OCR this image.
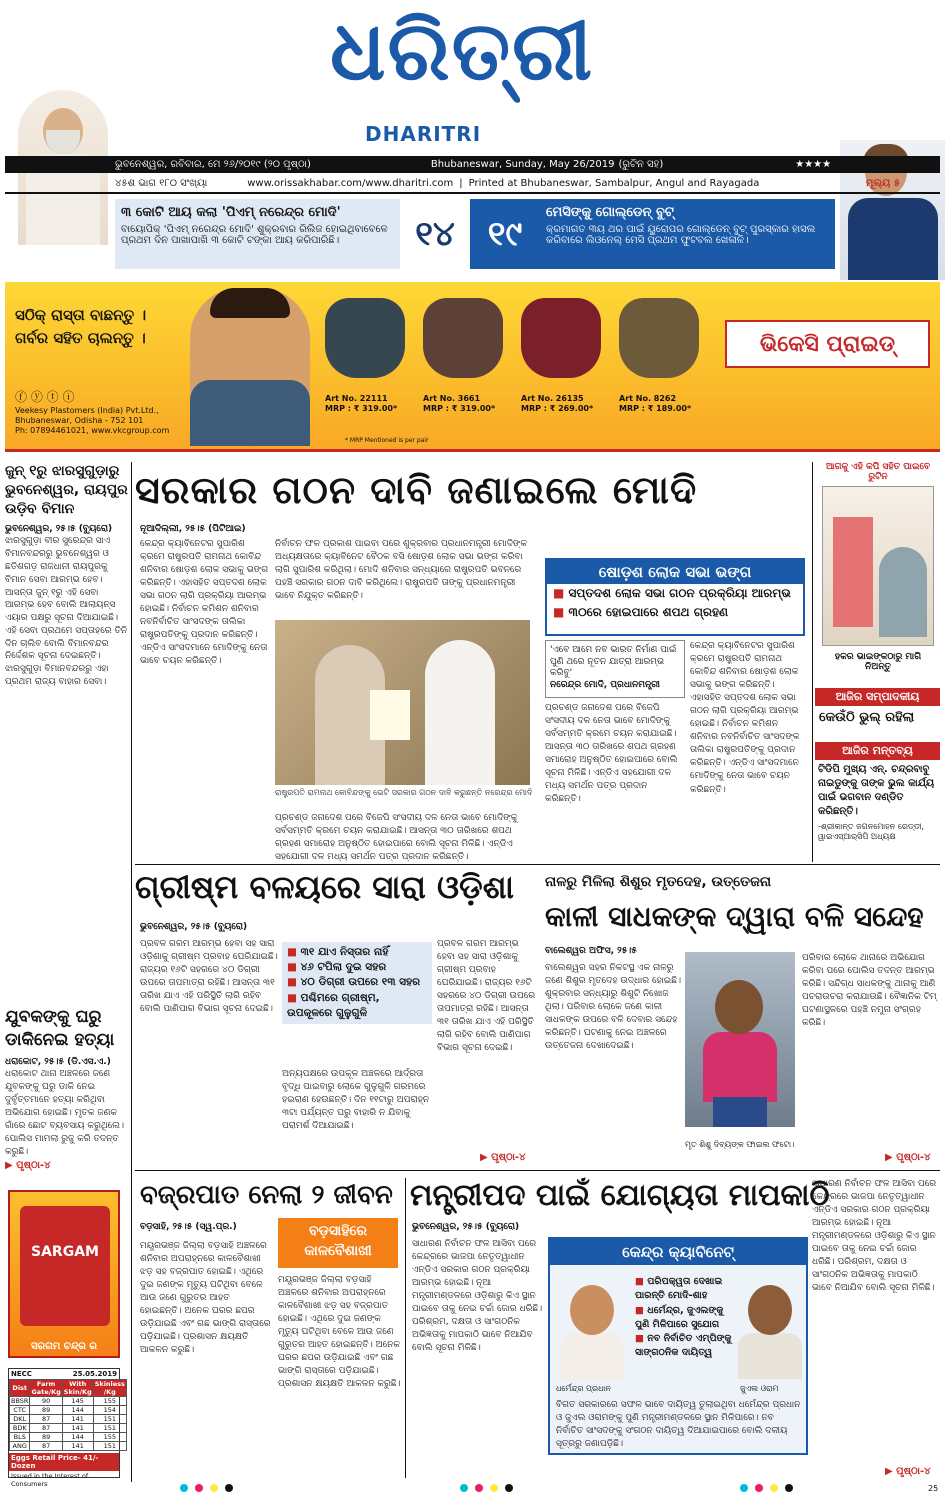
ଧରିତ୍ରୀ
DHARITRI
ଭୁବନେଶ୍ୱର, ରବିବାର, ମେ ୨୬/୨୦୧୯ (୨୦ ପୃଷ୍ଠା)	Bhubaneswar, Sunday, May 26/2019 (ରୁଟିନ ସହ)	★★★★
୪୫ଶ ଭାଗ ୧୮୦ ସଂଖ୍ୟା	www.orissakhabar.com/www.dharitri.com | Printed at Bhubaneswar, Sambalpur, Angul and Rayagada	ମୂଲ୍ୟ ୫
୩ କୋଟି ଆୟ କଲା 'ପିଏମ୍ ନରେନ୍ଦ୍ର ମୋଦି'
ବାୟୋପିକ୍ 'ପିଏମ୍ ନରେନ୍ଦ୍ର ମୋଦି' ଶୁକ୍ରବାର ରିଲିଜ ହୋଇଥିବାବେଳେ ପ୍ରଥମ ଦିନ ପାଖାପାଖି ୩ କୋଟି ଟଙ୍କା ଆୟ କରିପାରିଛି।	୧୪ ୧୯
ମେସିଙ୍କୁ ଗୋଲ୍‌ଡେନ୍ ବୁଟ୍
କ୍ରମାଗତ ୩ୟ ଥର ପାଇଁ ୟୁରୋପର ଗୋଲ୍‌ଡେନ୍ ବୁଟ୍ ପୁରସ୍କାର ହାସଲ କରିବାରେ ଲିଓନେଲ୍ ମେସି ପ୍ରଥମ ଫୁଟବଲ ଖେଳାଳି।
ସଠିକ୍ ରାସ୍ତା ବାଛନ୍ତୁ ।
ଗର୍ବର ସହିତ ଚାଲନ୍ତୁ ।
ⓕ ⓨ ⓣ ⓘ
Veekesy Plastomers (India) Pvt.Ltd., Bhubaneswar, Odisha - 752 101
Ph: 07894461021, www.vkcgroup.com
Art No. 22111
MRP : ₹ 319.00*
Art No. 3661
MRP : ₹ 319.00*
Art No. 26135
MRP : ₹ 269.00*
Art No. 8262
MRP : ₹ 189.00*
ଭିକେସି ପ୍ରାଇଡ୍
* MRP Mentioned is per pair
ଜୁନ୍ ୧ରୁ ଝାରସୁଗୁଡ଼ାରୁ ଭୁବନେଶ୍ୱର, ରାୟପୁର ଉଡ଼ିବ ବିମାନ
ଭୁବନେଶ୍ୱର, ୨୫।୫ (ବ୍ୟୁରୋ)
ଝାରସୁଗୁଡ଼ା ବୀର ସୁରେନ୍ଦ୍ର ସାଏ ବିମାନବନ୍ଦରରୁ ଭୁବନେଶ୍ୱର ଓ ଛତିଶଗଡ଼ ରାଜଧାନୀ ରାୟପୁରକୁ ବିମାନ ସେବା ଆରମ୍ଭ ହେବ। ଆସନ୍ତା ଜୁନ୍ ୧ରୁ ଏହି ସେବା ଆରମ୍ଭ ହେବ ବୋଲି ଆଲାୟନ୍ସ ଏୟାର ପକ୍ଷରୁ ସୂଚନା ଦିଆଯାଇଛି। ଏହି ସେବା ପ୍ରଥମେ ସପ୍ତାହରେ ତିନି ଦିନ ଚାଲିବ ବୋଲି ବିମାନବନ୍ଦର ନିର୍ଦ୍ଦେଶକ ସୂଚନା ଦେଇଛନ୍ତି। ଝାରସୁଗୁଡ଼ା ବିମାନବନ୍ଦରରୁ ଏହା ପ୍ରଥମ ରାଜ୍ୟ ବାହାର ସେବା।
ଯୁବକଙ୍କୁ ଘରୁ ଡାକିନେଇ ହତ୍ୟା
ଧରାକୋଟ, ୨୫।୫ (ଡି.ଏସ.ଏ.)
ଧରାକୋଟ ଥାନା ଅଞ୍ଚଳରେ ଜଣେ ଯୁବକଙ୍କୁ ଘରୁ ଡାକି ନେଇ ଦୁର୍ବୃତ୍ତମାନେ ହତ୍ୟା କରିଥିବା ଅଭିଯୋଗ ହୋଇଛି। ମୃତକ ଜଣକ ଗାଁରେ ଛୋଟ ବ୍ୟବସାୟ କରୁଥିଲେ। ପୋଲିସ ମାମଲା ରୁଜୁ କରି ତଦନ୍ତ କରୁଛି।
▶ ପୃଷ୍ଠା-୪
SARGAM
ସରଗମ ଚନ୍ଦ୍ର ର
NECC	25.05.2019
Dist	Farm Gate/Kg	With Skin/Kg	Skinless /Kg
BBSR	90	145	155
CTC	89	144	154
DKL	87	141	151
BDK	87	141	151
BLS	89	144	155
ANG	87	141	151
Eggs Retail Price- 41/-Dozen
Issued in the Interest of Consumers
ସରକାର ଗଠନ ଦାବି ଜଣାଇଲେ ମୋଦି
ନୂଆଦିଲ୍ଲୀ, ୨୫।୫ (ପିଟିଆଇ)
କେନ୍ଦ୍ର କ୍ୟାବିନେଟର ସୁପାରିଶ କ୍ରମେ ରାଷ୍ଟ୍ରପତି ରାମନାଥ କୋବିନ୍ଦ ଶନିବାର ଷୋଡ଼ଶ ଲୋକ ସଭାକୁ ଭଙ୍ଗ କରିଛନ୍ତି। ଏହାସହିତ ସପ୍ତଦଶ ଲୋକ ସଭା ଗଠନ ଲାଗି ପ୍ରକ୍ରିୟା ଆରମ୍ଭ ହୋଇଛି। ନିର୍ବାଚନ କମିଶନ ଶନିବାର ନବନିର୍ବାଚିତ ସାଂସଦଙ୍କ ତାଲିକା ରାଷ୍ଟ୍ରପତିଙ୍କୁ ପ୍ରଦାନ କରିଛନ୍ତି। ଏନ୍‌ଡିଏ ସାଂସଦମାନେ ମୋଦିଙ୍କୁ ନେତା ଭାବେ ଚୟନ କରିଛନ୍ତି।
ନିର୍ବାଚନ ଫଳ ପ୍ରକାଶ ପାଇବା ପରେ ଶୁକ୍ରବାର ପ୍ରଧାନମନ୍ତ୍ରୀ ମୋଦିଙ୍କ ଅଧ୍ୟକ୍ଷତାରେ କ୍ୟାବିନେଟ ବୈଠକ ବସି ଷୋଡ଼ଶ ଲୋକ ସଭା ଭଙ୍ଗ କରିବା ଲାଗି ସୁପାରିଶ କରିଥିଲା। ମୋଦି ଶନିବାର ସନ୍ଧ୍ୟାରେ ରାଷ୍ଟ୍ରପତି ଭବନରେ ପହଞ୍ଚି ସରକାର ଗଠନ ଦାବି କରିଥିଲେ। ରାଷ୍ଟ୍ରପତି ତାଙ୍କୁ ପ୍ରଧାନମନ୍ତ୍ରୀ ଭାବେ ନିଯୁକ୍ତ କରିଛନ୍ତି।
ରାଷ୍ଟ୍ରପତି ରାମନାଥ କୋବିନ୍ଦଙ୍କୁ ଭେଟି ସରକାର ଗଠନ ଦାବି କରୁଛନ୍ତି ନରେନ୍ଦ୍ର ମୋଦି
ପ୍ରଚଣ୍ଡ ଜନାଦେଶ ପରେ ବିଜେପି ସଂସଦୀୟ ଦଳ ନେତା ଭାବେ ମୋଦିଙ୍କୁ ସର୍ବସମ୍ମତି କ୍ରମେ ଚୟନ କରାଯାଇଛି। ଆସନ୍ତା ୩୦ ତାରିଖରେ ଶପଥ ଗ୍ରହଣ ସମାରୋହ ଅନୁଷ୍ଠିତ ହୋଇପାରେ ବୋଲି ସୂଚନା ମିଳିଛି। ଏନ୍‌ଡିଏ ସହଯୋଗୀ ଦଳ ମଧ୍ୟ ସମର୍ଥନ ପତ୍ର ପ୍ରଦାନ କରିଛନ୍ତି।
ଷୋଡ଼ଶ ଲୋକ ସଭା ଭଙ୍ଗ
■ ସପ୍ତଦଶ ଲୋକ ସଭା ଗଠନ ପ୍ରକ୍ରିୟା ଆରମ୍ଭ
■ ୩୦ରେ ହୋଇପାରେ ଶପଥ ଗ୍ରହଣ
'ଏବେ ଆମେ ନବ ଭାରତ ନିର୍ମାଣ ପାଇଁ ପୁଣି ଥରେ ନୂତନ ଯାତ୍ରା ଆରମ୍ଭ କରିବୁ'
ନରେନ୍ଦ୍ର ମୋଦି, ପ୍ରଧାନମନ୍ତ୍ରୀ
କେନ୍ଦ୍ର କ୍ୟାବିନେଟର ସୁପାରିଶ କ୍ରମେ ରାଷ୍ଟ୍ରପତି ରାମନାଥ କୋବିନ୍ଦ ଶନିବାର ଷୋଡ଼ଶ ଲୋକ ସଭାକୁ ଭଙ୍ଗ କରିଛନ୍ତି। ଏହାସହିତ ସପ୍ତଦଶ ଲୋକ ସଭା ଗଠନ ଲାଗି ପ୍ରକ୍ରିୟା ଆରମ୍ଭ ହୋଇଛି। ନିର୍ବାଚନ କମିଶନ ଶନିବାର ନବନିର୍ବାଚିତ ସାଂସଦଙ୍କ ତାଲିକା ରାଷ୍ଟ୍ରପତିଙ୍କୁ ପ୍ରଦାନ କରିଛନ୍ତି। ଏନ୍‌ଡିଏ ସାଂସଦମାନେ ମୋଦିଙ୍କୁ ନେତା ଭାବେ ଚୟନ କରିଛନ୍ତି।
ପ୍ରଚଣ୍ଡ ଜନାଦେଶ ପରେ ବିଜେପି ସଂସଦୀୟ ଦଳ ନେତା ଭାବେ ମୋଦିଙ୍କୁ ସର୍ବସମ୍ମତି କ୍ରମେ ଚୟନ କରାଯାଇଛି। ଆସନ୍ତା ୩୦ ତାରିଖରେ ଶପଥ ଗ୍ରହଣ ସମାରୋହ ଅନୁଷ୍ଠିତ ହୋଇପାରେ ବୋଲି ସୂଚନା ମିଳିଛି। ଏନ୍‌ଡିଏ ସହଯୋଗୀ ଦଳ ମଧ୍ୟ ସମର୍ଥନ ପତ୍ର ପ୍ରଦାନ କରିଛନ୍ତି।
ଆଗକୁ ଏହି କପି ସହିତ ପାଇବେ ରୁଟିନ
ହକର ଭାଇଙ୍କଠାରୁ ମାଗି ନିଅନ୍ତୁ
ଆଜିର ସମ୍ପାଦକୀୟ
କେଉଁଠି ଭୁଲ୍ ରହିଲା
ଆଜିର ମନ୍ତବ୍ୟ
ଟିଡିପି ମୁଖ୍ୟ ଏନ୍. ଚନ୍ଦ୍ରବାବୁ ନାଇଡୁଙ୍କୁ ତାଙ୍କ ଭୁଲ କାର୍ଯ୍ୟ ପାଇଁ ଭଗବାନ ଦଣ୍ଡିତ କରିଛନ୍ତି।
-ଶ୍ରୀକାନ୍ତ ଜଗନମୋହନ ରେଡ୍ଡୀ, ୱାଇଏସ୍‌ଆର୍‌ସିପି ଅଧ୍ୟକ୍ଷ
ଗ୍ରୀଷ୍ମ ବଳୟରେ ସାରା ଓଡ଼ିଶା
ଭୁବନେଶ୍ୱର, ୨୫।୫ (ବ୍ୟୁରୋ)
ପ୍ରବଳ ଗରମ ଆରମ୍ଭ ହେବା ସହ ସାରା ଓଡ଼ିଶାକୁ ଗ୍ରୀଷ୍ମ ପ୍ରବାହ ଘେରିଯାଇଛି। ରାଜ୍ୟର ୧୬ଟି ସହରରେ ୪୦ ଡିଗ୍ରୀ ଉପରେ ତାପମାତ୍ରା ରହିଛି। ଆସନ୍ତା ୩୧ ତାରିଖ ଯାଏ ଏହି ପରିସ୍ଥିତି ଲାଗି ରହିବ ବୋଲି ପାଣିପାଗ ବିଭାଗ ସୂଚନା ଦେଇଛି।
■ ୩୧ ଯାଏ ନିସ୍ତାର ନାହିଁ
■ ୪୬ ଟପିଲା ଦୁଇ ସହର
■ ୪୦ ଡିଗ୍ରୀ ଉପରେ ୧୩ ସହର
■ ପଶ୍ଚିମରେ ଗ୍ରୀଷ୍ମ, ଉପକୂଳରେ ଗୁଳୁଗୁଳି
ଅନ୍ୟପକ୍ଷରେ ଉପକୂଳ ଅଞ୍ଚଳରେ ଆର୍ଦ୍ରତା ବୃଦ୍ଧି ପାଇବାରୁ ଲୋକେ ଗୁଳୁଗୁଳି ଗରମରେ ହଇରାଣ ହେଉଛନ୍ତି। ଦିନ ୧୧ଟାରୁ ଅପରାହ୍ନ ୩ଟା ପର୍ଯ୍ୟନ୍ତ ଘରୁ ବାହାରି ନ ଯିବାକୁ ପରାମର୍ଶ ଦିଆଯାଇଛି।
ପ୍ରବଳ ଗରମ ଆରମ୍ଭ ହେବା ସହ ସାରା ଓଡ଼ିଶାକୁ ଗ୍ରୀଷ୍ମ ପ୍ରବାହ ଘେରିଯାଇଛି। ରାଜ୍ୟର ୧୬ଟି ସହରରେ ୪୦ ଡିଗ୍ରୀ ଉପରେ ତାପମାତ୍ରା ରହିଛି। ଆସନ୍ତା ୩୧ ତାରିଖ ଯାଏ ଏହି ପରିସ୍ଥିତି ଲାଗି ରହିବ ବୋଲି ପାଣିପାଗ ବିଭାଗ ସୂଚନା ଦେଇଛି।
▶ ପୃଷ୍ଠା-୪
ନାଳରୁ ମିଳିଲା ଶିଶୁର ମୃତଦେହ, ଉତ୍ତେଜନା
କାଳୀ ସାଧକଙ୍କ ଦ୍ୱାରା ବଳି ସନ୍ଦେହ
ବାଲେଶ୍ୱର ଅଫିସ, ୨୫।୫
ବାଲେଶ୍ୱର ସହର ନିକଟସ୍ଥ ଏକ ନାଳରୁ ଜଣେ ଶିଶୁର ମୃତଦେହ ଉଦ୍ଧାର ହୋଇଛି। ଶୁକ୍ରବାର ସନ୍ଧ୍ୟାରୁ ଶିଶୁଟି ନିଖୋଜ ଥିଲା। ପରିବାର ଲୋକେ ଜଣେ କାଳୀ ସାଧକଙ୍କ ଉପରେ ବଳି ଦେବାର ସନ୍ଦେହ କରିଛନ୍ତି। ଘଟଣାକୁ ନେଇ ଅଞ୍ଚଳରେ ଉତ୍ତେଜନା ଦେଖାଦେଇଛି।
ମୃତ ଶିଶୁ ଦିବ୍ୟଙ୍କ ଫାଇଲ ଫଟୋ।
ପରିବାର ଲୋକେ ଥାନାରେ ଅଭିଯୋଗ କରିବା ପରେ ପୋଲିସ ତଦନ୍ତ ଆରମ୍ଭ କରିଛି। ସନ୍ଦିଗ୍ଧ ସାଧକଙ୍କୁ ଥାନାକୁ ଆଣି ପଚରାଉଚରା କରାଯାଉଛି। ବୈଜ୍ଞାନିକ ଟିମ୍ ଘଟଣାସ୍ଥଳରେ ପହଞ୍ଚି ନମୁନା ସଂଗ୍ରହ କରିଛି।
▶ ପୃଷ୍ଠା-୪
ବଜ୍ରପାତ ନେଲା ୨ ଜୀବନ
ବଡ଼ସାହି, ୨୫।୫ (ସ୍ୱ.ପ୍ର.)	ବଡ଼ସାହିରେ କାଳବୈଶାଖୀ
ମୟୂରଭଞ୍ଜ ଜିଲ୍ଲା ବଡ଼ସାହି ଅଞ୍ଚଳରେ ଶନିବାର ଅପରାହ୍ନରେ କାଳବୈଶାଖୀ ଝଡ଼ ସହ ବଜ୍ରପାତ ହୋଇଛି। ଏଥିରେ ଦୁଇ ଜଣଙ୍କ ମୃତ୍ୟୁ ଘଟିଥିବା ବେଳେ ଆଉ ଜଣେ ଗୁରୁତର ଆହତ ହୋଇଛନ୍ତି। ଅନେକ ଘରର ଛପର ଉଡ଼ିଯାଇଛି ଏବଂ ଗଛ ଭାଙ୍ଗି ରାସ୍ତାରେ ପଡ଼ିଯାଇଛି। ପ୍ରଶାସନ କ୍ଷୟକ୍ଷତି ଆକଳନ କରୁଛି।
ମୟୂରଭଞ୍ଜ ଜିଲ୍ଲା ବଡ଼ସାହି ଅଞ୍ଚଳରେ ଶନିବାର ଅପରାହ୍ନରେ କାଳବୈଶାଖୀ ଝଡ଼ ସହ ବଜ୍ରପାତ ହୋଇଛି। ଏଥିରେ ଦୁଇ ଜଣଙ୍କ ମୃତ୍ୟୁ ଘଟିଥିବା ବେଳେ ଆଉ ଜଣେ ଗୁରୁତର ଆହତ ହୋଇଛନ୍ତି। ଅନେକ ଘରର ଛପର ଉଡ଼ିଯାଇଛି ଏବଂ ଗଛ ଭାଙ୍ଗି ରାସ୍ତାରେ ପଡ଼ିଯାଇଛି। ପ୍ରଶାସନ କ୍ଷୟକ୍ଷତି ଆକଳନ କରୁଛି।
ମନ୍ତ୍ରୀପଦ ପାଇଁ ଯୋଗ୍ୟତା ମାପକାଠି
ଭୁବନେଶ୍ୱର, ୨୫।୫ (ବ୍ୟୁରୋ)
ସାଧାରଣ ନିର୍ବାଚନ ଫଳ ଆସିବା ପରେ କେନ୍ଦ୍ରରେ ଭାଜପା ନେତୃତ୍ୱାଧୀନ ଏନ୍‌ଡିଏ ସରକାର ଗଠନ ପ୍ରକ୍ରିୟା ଆରମ୍ଭ ହୋଇଛି। ନୂଆ ମନ୍ତ୍ରୀମଣ୍ଡଳରେ ଓଡ଼ିଶାରୁ କିଏ ସ୍ଥାନ ପାଇବେ ତାକୁ ନେଇ ଚର୍ଚ୍ଚା ଜୋର ଧରିଛି। ପରିଶ୍ରମ, ଦକ୍ଷତା ଓ ସାଂଗଠନିକ ଅଭିଜ୍ଞତାକୁ ମାପକାଠି ଭାବେ ନିଆଯିବ ବୋଲି ସୂଚନା ମିଳିଛି।
କେନ୍ଦ୍ର କ୍ୟାବିନେଟ୍
■ ପରିପକ୍ୱତା ଦେଖାଇ ପାରନ୍ତି ମୋଦି-ଶାହ
■ ଧର୍ମେନ୍ଦ୍ର, ଜୁଏଲଙ୍କୁ ପୁଣି ମିଳିପାରେ ସୁଯୋଗ
■ ନବ ନିର୍ବାଚିତ ଏମ୍‌ପିଙ୍କୁ ସାଙ୍ଗଠନିକ ଦାୟିତ୍ୱ
ଧର୍ମେନ୍ଦ୍ର ପ୍ରଧାନ	ଜୁଏଲ ଓରାମ
ବିଗତ ସରକାରରେ ସଫଳ ଭାବେ ଦାୟିତ୍ୱ ତୁଲାଇଥିବା ଧର୍ମେନ୍ଦ୍ର ପ୍ରଧାନ ଓ ଜୁଏଲ ଓରାମଙ୍କୁ ପୁଣି ମନ୍ତ୍ରୀମଣ୍ଡଳରେ ସ୍ଥାନ ମିଳିପାରେ। ନବ ନିର୍ବାଚିତ ସାଂସଦଙ୍କୁ ସଂଗଠନ ଦାୟିତ୍ୱ ଦିଆଯାଇପାରେ ବୋଲି ଦଳୀୟ ସୂତ୍ରରୁ ଜଣାପଡ଼ିଛି।
ସାଧାରଣ ନିର୍ବାଚନ ଫଳ ଆସିବା ପରେ କେନ୍ଦ୍ରରେ ଭାଜପା ନେତୃତ୍ୱାଧୀନ ଏନ୍‌ଡିଏ ସରକାର ଗଠନ ପ୍ରକ୍ରିୟା ଆରମ୍ଭ ହୋଇଛି। ନୂଆ ମନ୍ତ୍ରୀମଣ୍ଡଳରେ ଓଡ଼ିଶାରୁ କିଏ ସ୍ଥାନ ପାଇବେ ତାକୁ ନେଇ ଚର୍ଚ୍ଚା ଜୋର ଧରିଛି। ପରିଶ୍ରମ, ଦକ୍ଷତା ଓ ସାଂଗଠନିକ ଅଭିଜ୍ଞତାକୁ ମାପକାଠି ଭାବେ ନିଆଯିବ ବୋଲି ସୂଚନା ମିଳିଛି।
▶ ପୃଷ୍ଠା-୪
25
